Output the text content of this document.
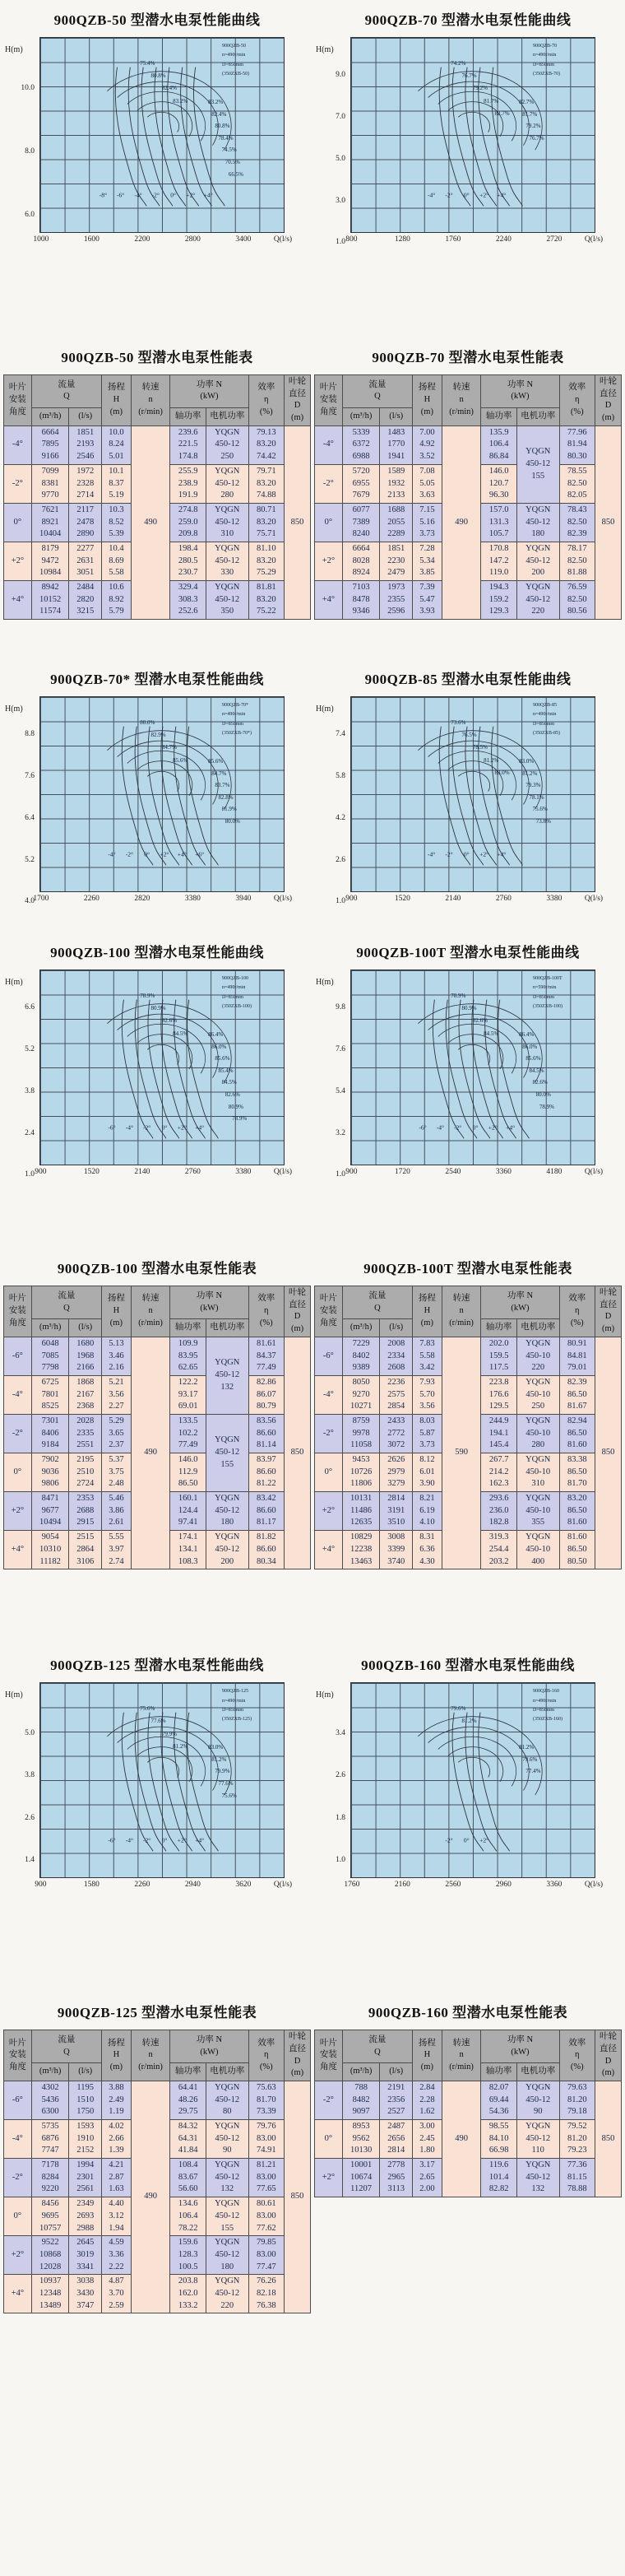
900QZB-50 型潜水电泵性能曲线
H(m)
10.0
8.0
6.0
900QZB-50
n=490r/min
D=850mm
(350ZXB-50)
75.4%
80.8%
82.4%
83.2%	83.2%
82.4%
80.8%
78.4%
74.5%
70.5%
66.5%
-8° -6° -4° -2° 0° +2° +4°
1000	1600	2200	2800	3400	Q(l/s)
900QZB-70 型潜水电泵性能曲线
H(m)
9.0
7.0
5.0
3.0
1.0
900QZB-70
n=490r/min
D=850mm
(350ZXB-70)
74.2%
76.7%
79.2%
81.7%
82.7%
82.7%
81.7%
79.2%
76.7%
-4° -2° 0° +2° +4°
800	1280	1760	2240	2720	Q(l/s)
900QZB-50 型潜水电泵性能表
叶片
安装
角度	流量
Q		扬程
H
(m)	转速
n
(r/min)	功率 N
(kW)		效率
η
(%)	叶轮
直径
D
(m)

	(m³/h)	(l/s)			轴功率	电机功率		
-4°	6664
7895
9166	1851
2193
2546	10.0
8.24
5.01	490	239.6
221.5
174.8	YQGN
450-12
250	79.13
83.20
74.42	850
-2°	7099
8381
9770	1972
2328
2714	10.1
8.37
5.19		255.9
238.9
191.9	YQGN
450-12
280	79.71
83.20
74.88	

0°	7621
8921
10404	2117
2478
2890	10.3
8.52
5.39		274.8
259.0
209.8	YQGN
450-12
310	80.71
83.20
75.71	

+2°	8179
9472
10984	2277
2631
3051	10.4
8.69
5.58		198.4
280.5
230.7	YQGN
450-12
330	81.10
83.20
75.29	

+4°	8942
10152
11574	2484
2820
3215	10.6
8.92
5.79		329.4
308.3
252.6	YQGN
450-12
350	81.81
83.20
75.22	
900QZB-70 型潜水电泵性能表
叶片
安装
角度	流量
Q		扬程
H
(m)	转速
n
(r/min)	功率 N
(kW)		效率
η
(%)	叶轮
直径
D
(m)

	(m³/h)	(l/s)			轴功率	电机功率		
-4°	5339
6372
6988	1483
1770
1941	7.00
4.92
3.52	490	135.9
106.4
86.84	YQGN
450-12
155	77.96
81.94
80.30	850
-2°	5720
6955
7679	1589
1932
2133	7.08
5.05
3.63		146.0
120.7
96.30		78.55
82.50
82.05	

0°	6077
7389
8240	1688
2055
2289	7.15
5.16
3.73		157.0
131.3
105.7	YQGN
450-12
180	78.43
82.50
82.39	

+2°	6664
8028
8924	1851
2230
2479	7.28
5.34
3.85		170.8
147.2
119.0	YQGN
450-12
200	78.17
82.50
81.88	

+4°	7103
8478
9346	1973
2355
2596	7.39
5.47
3.93		194.3
159.2
129.3	YQGN
450-12
220	76.59
82.50
80.56	
900QZB-70* 型潜水电泵性能曲线
H(m)
8.8
7.6
6.4
5.2
4.0
900QZB-70*
n=490r/min
D=850mm
(350ZXB-70*)
80.0%
82.9%
84.7%
85.6%	85.6%
84.7%
83.7%
82.8%
81.9%
80.0%
-4° -2° 0° +2° +4° +6°
1700	2260	2820	3380	3940	Q(l/s)
900QZB-85 型潜水电泵性能曲线
H(m)
7.4
5.8
4.2
2.6
1.0
900QZB-85
n=490r/min
D=850mm
(350ZXB-85)
73.6%
76.5%
78.5%
81.2%
83.0%
83.0%
81.2%
79.3%
78.1%
75.6%
73.8%
-4° -2° 0° +2° +4°
900	1520	2140	2760	3380	Q(l/s)
900QZB-100 型潜水电泵性能曲线
H(m)
6.6
5.2
3.8
2.4
1.0
900QZB-100
n=490r/min
D=850mm
(350ZXB-100)
78.9%
80.9%
82.6%
84.5%	86.4%
86.0%
85.6%
85.4%
84.5%
82.6%
80.9%
78.9%
-6° -4° -2° 0° +2° +4°
900	1520	2140	2760	3380	Q(l/s)
900QZB-100T 型潜水电泵性能曲线
H(m)
9.8
7.6
5.4
3.2
1.0
900QZB-100T
n=590r/min
D=850mm
(350ZXB-100)
78.9%
80.9%
82.6%
84.5%	86.4%
86.0%
85.6%
84.5%
82.6%
80.0%
78.9%
-6° -4° -2° 0° +2° +4°
900	1720	2540	3360	4180	Q(l/s)
900QZB-100 型潜水电泵性能表
叶片
安装
角度	流量
Q		扬程
H
(m)	转速
n
(r/min)	功率 N
(kW)		效率
η
(%)	叶轮
直径
D
(m)

	(m³/h)	(l/s)			轴功率	电机功率		
-6°	6048
7085
7798	1680
1968
2166	5.13
3.46
2.16	490	109.9
83.95
62.65	YQGN
450-12
132	81.61
84.37
77.49	850
-4°	6725
7801
8525	1868
2167
2368	5.21
3.56
2.27		122.2
93.17
69.01		82.86
86.07
80.79	

-2°	7301
8406
9184	2028
2335
2551	5.29
3.65
2.37		133.5
102.2
77.49	YQGN
450-12
155	83.56
86.60
81.14	

0°	7902
9036
9806	2195
2510
2724	5.37
3.75
2.48		146.0
112.9
86.50		83.97
86.60
81.22	

+2°	8471
9677
10494	2353
2688
2915	5.46
3.86
2.61		160.1
124.4
97.41	YQGN
450-12
180	83.42
86.60
81.17	

+4°	9054
10310
11182	2515
2864
3106	5.55
3.97
2.74		174.1
134.1
108.3	YQGN
450-12
200	81.82
86.60
80.34	
900QZB-100T 型潜水电泵性能表
叶片
安装
角度	流量
Q		扬程
H
(m)	转速
n
(r/min)	功率 N
(kW)		效率
η
(%)	叶轮
直径
D
(m)

	(m³/h)	(l/s)			轴功率	电机功率		
-6°	7229
8402
9389	2008
2334
2608	7.83
5.58
3.42	590	202.0
159.5
117.5	YQGN
450-10
220	80.91
84.81
79.01	850
-4°	8050
9270
10271	2236
2575
2854	7.93
5.70
3.56		223.8
176.6
129.5	YQGN
450-10
250	82.39
86.50
81.67	

-2°	8759
9978
11058	2433
2772
3072	8.03
5.87
3.73		244.9
194.1
145.4	YQGN
450-10
280	82.94
86.50
81.60	

0°	9453
10726
11806	2626
2979
3279	8.12
6.01
3.90		267.7
214.2
162.3	YQGN
450-10
310	83.38
86.50
81.70	

+2°	10131
11486
12635	2814
3191
3510	8.21
6.19
4.10		293.6
236.0
182.8	YQGN
450-10
355	83.20
86.50
81.60	

+4°	10829
12238
13463	3008
3399
3740	8.31
6.36
4.30		319.3
254.4
203.2	YQGN
450-10
400	81.60
86.50
80.50	
900QZB-125 型潜水电泵性能曲线
H(m)
5.0
3.8
2.6
1.4
900QZB-125
n=490r/min
D=850mm
(350ZXB-125)
75.6%
77.6%
79.9%
81.2%	83.0%
81.2%
79.9%
77.6%
75.6%
-6° -4° -2° 0° +2° +4°
900	1580	2260	2940	3620	Q(l/s)
900QZB-160 型潜水电泵性能曲线
H(m)
3.4
2.6
1.8
1.0
900QZB-160
n=490r/min
D=850mm
(350ZXB-160)
79.6%
81.2%
81.2%
79.6%
77.4%
-2° 0° +2°
1760	2160	2560	2960	3360	Q(l/s)
900QZB-125 型潜水电泵性能表
叶片
安装
角度	流量
Q		扬程
H
(m)	转速
n
(r/min)	功率 N
(kW)		效率
η
(%)	叶轮
直径
D
(m)

	(m³/h)	(l/s)			轴功率	电机功率		
-6°	4302
5436
6300	1195
1510
1750	3.88
2.49
1.19	490	64.41
48.26
29.75	YQGN
450-12
80	75.63
81.70
73.39	850
-4°	5735
6876
7747	1593
1910
2152	4.02
2.66
1.39		84.32
64.31
41.84	YQGN
450-12
90	79.76
83.00
74.91	

-2°	7178
8284
9220	1994
2301
2561	4.21
2.87
1.63		108.4
83.67
56.60	YQGN
450-12
132	81.21
83.00
77.65	

0°	8456
9695
10757	2349
2693
2988	4.40
3.12
1.94		134.6
106.4
78.22	YQGN
450-12
155	80.61
83.00
77.62	

+2°	9522
10868
12028	2645
3019
3341	4.59
3.36
2.22		159.6
128.3
100.5	YQGN
450-12
180	79.85
83.00
77.47	

+4°	10937
12348
13489	3038
3430
3747	4.87
3.70
2.59		203.8
162.0
133.2	YQGN
450-12
220	76.26
82.18
76.38	
900QZB-160 型潜水电泵性能表
叶片
安装
角度	流量
Q		扬程
H
(m)	转速
n
(r/min)	功率 N
(kW)		效率
η
(%)	叶轮
直径
D
(m)

	(m³/h)	(l/s)			轴功率	电机功率		
-2°	788
8482
9097	2191
2356
2527	2.84
2.28
1.62	490	82.07
69.44
54.36	YQGN
450-12
90	79.63
81.20
79.18	850
0°	8953
9562
10130	2487
2656
2814	3.00
2.45
1.80		98.55
84.10
66.98	YQGN
450-12
110	79.52
81.20
79.23	

+2°	10001
10674
11207	2778
2965
3113	3.17
2.65
2.00		119.6
101.4
82.82	YQGN
450-12
132	77.36
81.15
78.88	
